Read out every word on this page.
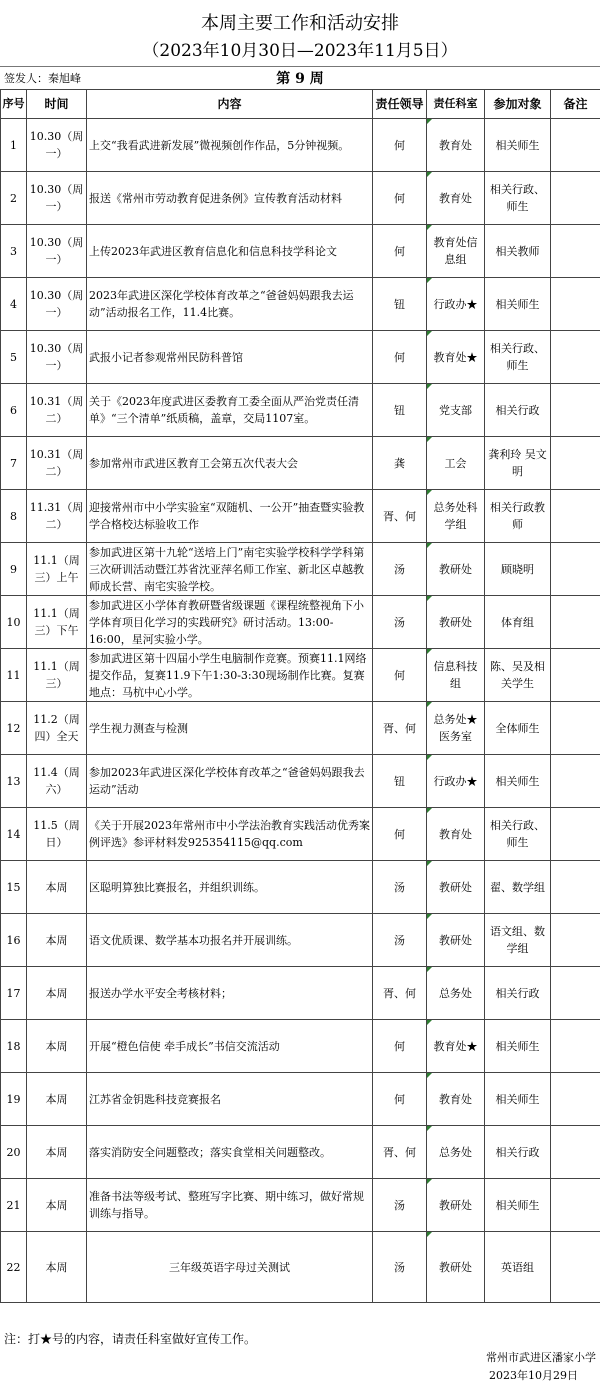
本周主要工作和活动安排
（2023年10月30日—2023年11月5日）
签发人：秦旭峰	第 9 周
序号	时间	内容	责任领导	责任科室	参加对象	备注
1	10.30（周一）	上交“我看武进新发展”微视频创作作品，5分钟视频。	何	教育处	相关师生	
2	10.30（周一）	报送《常州市劳动教育促进条例》宣传教育活动材料	何	教育处	相关行政、师生	
3	10.30（周一）	上传2023年武进区教育信息化和信息科技学科论文	何	教育处信息组	相关教师	
4	10.30（周一）	2023年武进区深化学校体育改革之“爸爸妈妈跟我去运动”活动报名工作，11.4比赛。	钮	行政办★	相关师生	
5	10.30（周一）	武报小记者参观常州民防科普馆	何	教育处★	相关行政、师生	
6	10.31（周二）	关于《2023年度武进区委教育工委全面从严治党责任清单》“三个清单”纸质稿，盖章，交局1107室。	钮	党支部	相关行政	
7	10.31（周二）	参加常州市武进区教育工会第五次代表大会	龚	工会	龚利玲 吴文明	
8	11.31（周二）	迎接常州市中小学实验室“双随机、一公开”抽查暨实验教学合格校达标验收工作	胥、何	总务处科学组	相关行政教师	
9	11.1（周三）上午	参加武进区第十九轮“送培上门”南宅实验学校科学学科第三次研训活动暨江苏省沈亚萍名师工作室、新北区卓越教师成长营、南宅实验学校。	汤	教研处	顾晓明	
10	11.1（周三）下午	参加武进区小学体育教研暨省级课题《课程统整视角下小学体育项目化学习的实践研究》研讨活动。13:00-16:00，星河实验小学。	汤	教研处	体育组	
11	11.1（周三）	参加武进区第十四届小学生电脑制作竞赛。预赛11.1网络提交作品，复赛11.9下午1:30-3:30现场制作比赛。复赛地点：马杭中心小学。	何	信息科技组	陈、吴及相关学生	
12	11.2（周四）全天	学生视力测查与检测	胥、何	总务处★医务室	全体师生	
13	11.4（周六）	参加2023年武进区深化学校体育改革之“爸爸妈妈跟我去运动”活动	钮	行政办★	相关师生	
14	11.5（周日）	《关于开展2023年常州市中小学法治教育实践活动优秀案例评选》参评材料发925354115@qq.com	何	教育处	相关行政、师生	
15	本周	区聪明算独比赛报名，并组织训练。	汤	教研处	翟、数学组	
16	本周	语文优质课、数学基本功报名并开展训练。	汤	教研处	语文组、数学组	
17	本周	报送办学水平安全考核材料；	胥、何	总务处	相关行政	
18	本周	开展“橙色信使 牵手成长”书信交流活动	何	教育处★	相关师生	
19	本周	江苏省金钥匙科技竞赛报名	何	教育处	相关师生	
20	本周	落实消防安全问题整改；落实食堂相关问题整改。	胥、何	总务处	相关行政	
21	本周	准备书法等级考试、整班写字比赛、期中练习，做好常规训练与指导。	汤	教研处	相关师生	
22	本周	三年级英语字母过关测试	汤	教研处	英语组	
注：打★号的内容，请责任科室做好宣传工作。
常州市武进区潘家小学
2023年10月29日
